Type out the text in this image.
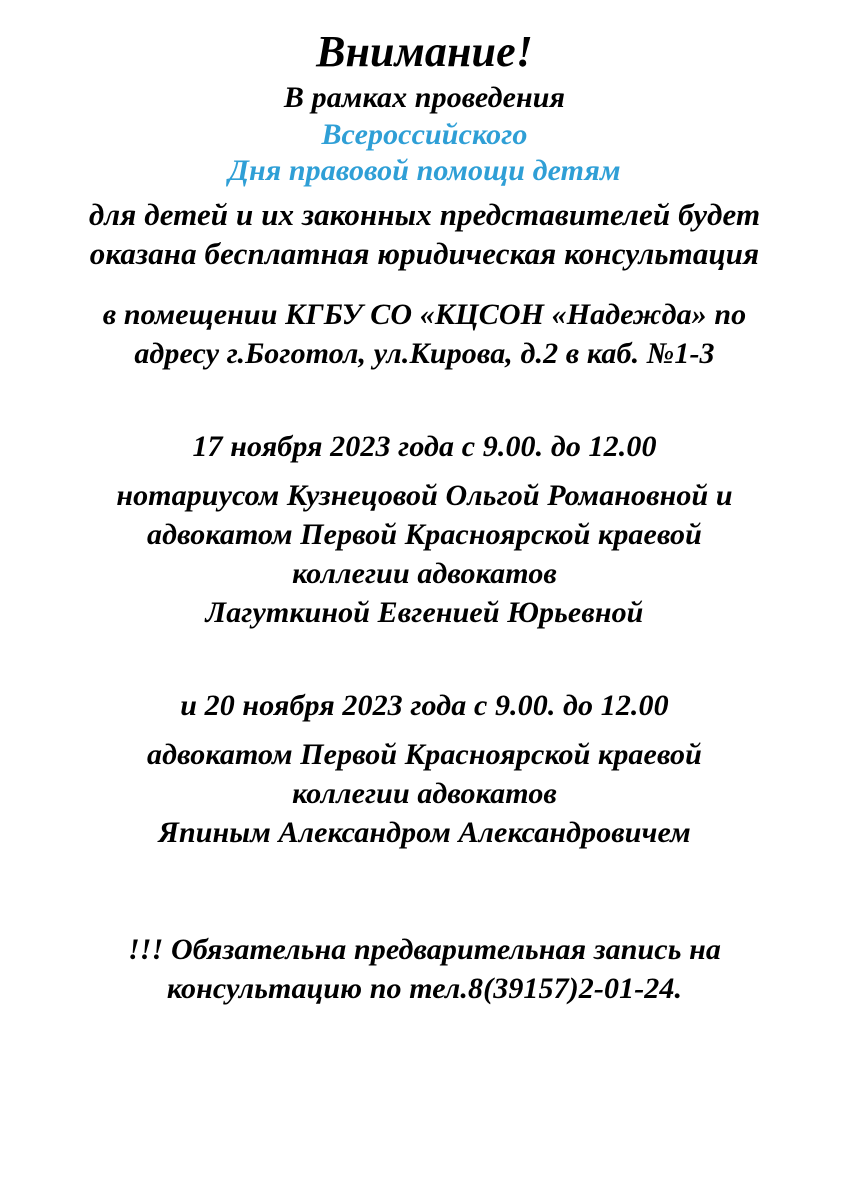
Внимание!
В рамках проведения
Всероссийского
Дня правовой помощи детям
для детей и их законных представителей будет
оказана бесплатная юридическая консультация
в помещении КГБУ СО «КЦСОН «Надежда» по
адресу г.Боготол, ул.Кирова, д.2 в каб. №1-3
17 ноября 2023 года с 9.00. до 12.00
нотариусом Кузнецовой Ольгой Романовной и
адвокатом Первой Красноярской краевой
коллегии адвокатов
Лагуткиной Евгенией Юрьевной
и 20 ноября 2023 года с 9.00. до 12.00
адвокатом Первой Красноярской краевой
коллегии адвокатов
Япиным Александром Александровичем
!!! Обязательна предварительная запись на
консультацию по тел.8(39157)2-01-24.
